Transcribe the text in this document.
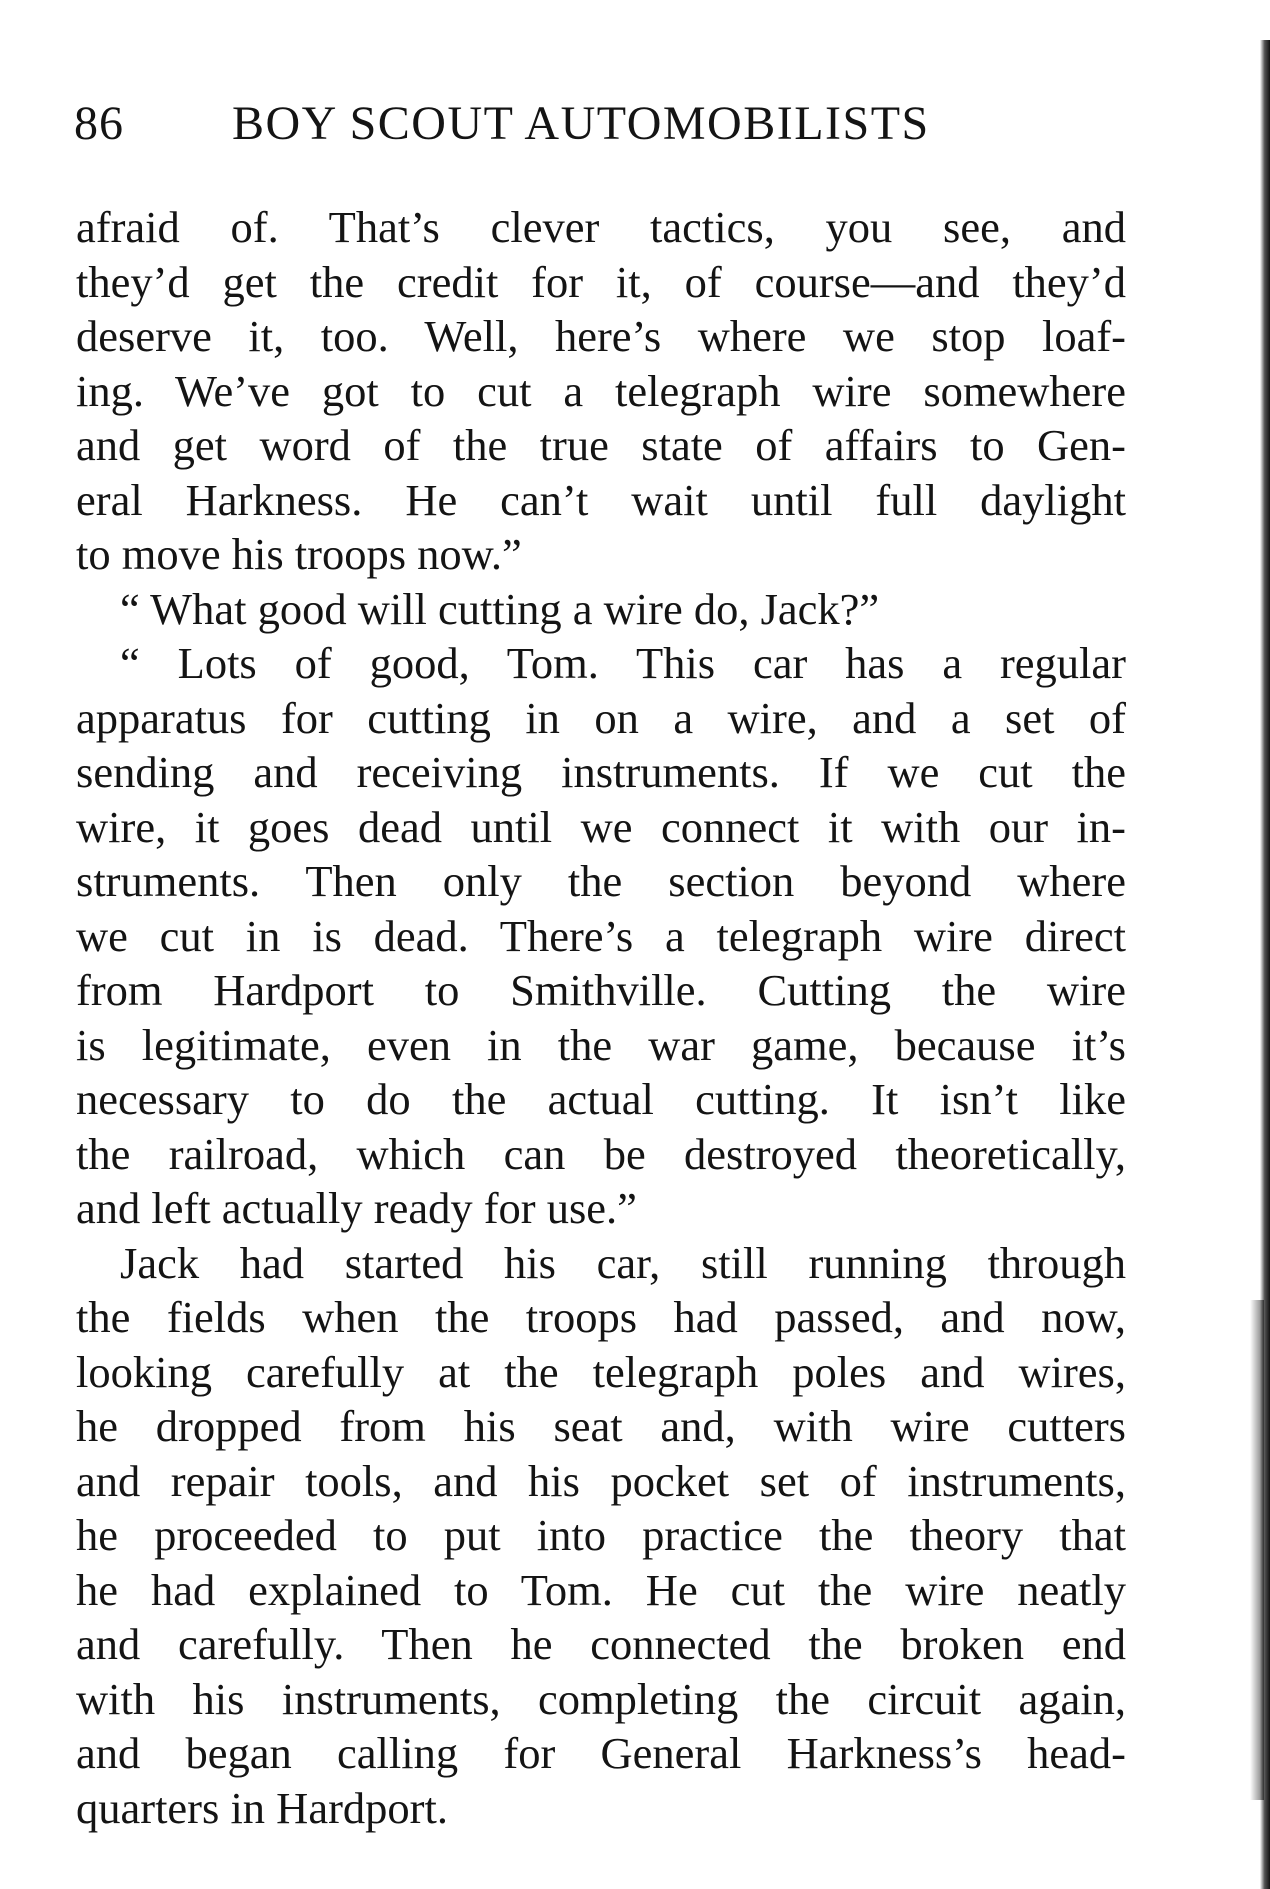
86 BOY SCOUT AUTOMOBILISTS
afraid of. That’s clever tactics, you see, and
they’d get the credit for it, of course—and they’d
deserve it, too. Well, here’s where we stop loaf-
ing. We’ve got to cut a telegraph wire somewhere
and get word of the true state of affairs to Gen-
eral Harkness. He can’t wait until full daylight
to move his troops now.”
“ What good will cutting a wire do, Jack?”
“ Lots of good, Tom. This car has a regular
apparatus for cutting in on a wire, and a set of
sending and receiving instruments. If we cut the
wire, it goes dead until we connect it with our in-
struments. Then only the section beyond where
we cut in is dead. There’s a telegraph wire direct
from Hardport to Smithville. Cutting the wire
is legitimate, even in the war game, because it’s
necessary to do the actual cutting. It isn’t like
the railroad, which can be destroyed theoretically,
and left actually ready for use.”
Jack had started his car, still running through
the fields when the troops had passed, and now,
looking carefully at the telegraph poles and wires,
he dropped from his seat and, with wire cutters
and repair tools, and his pocket set of instruments,
he proceeded to put into practice the theory that
he had explained to Tom. He cut the wire neatly
and carefully. Then he connected the broken end
with his instruments, completing the circuit again,
and began calling for General Harkness’s head-
quarters in Hardport.
